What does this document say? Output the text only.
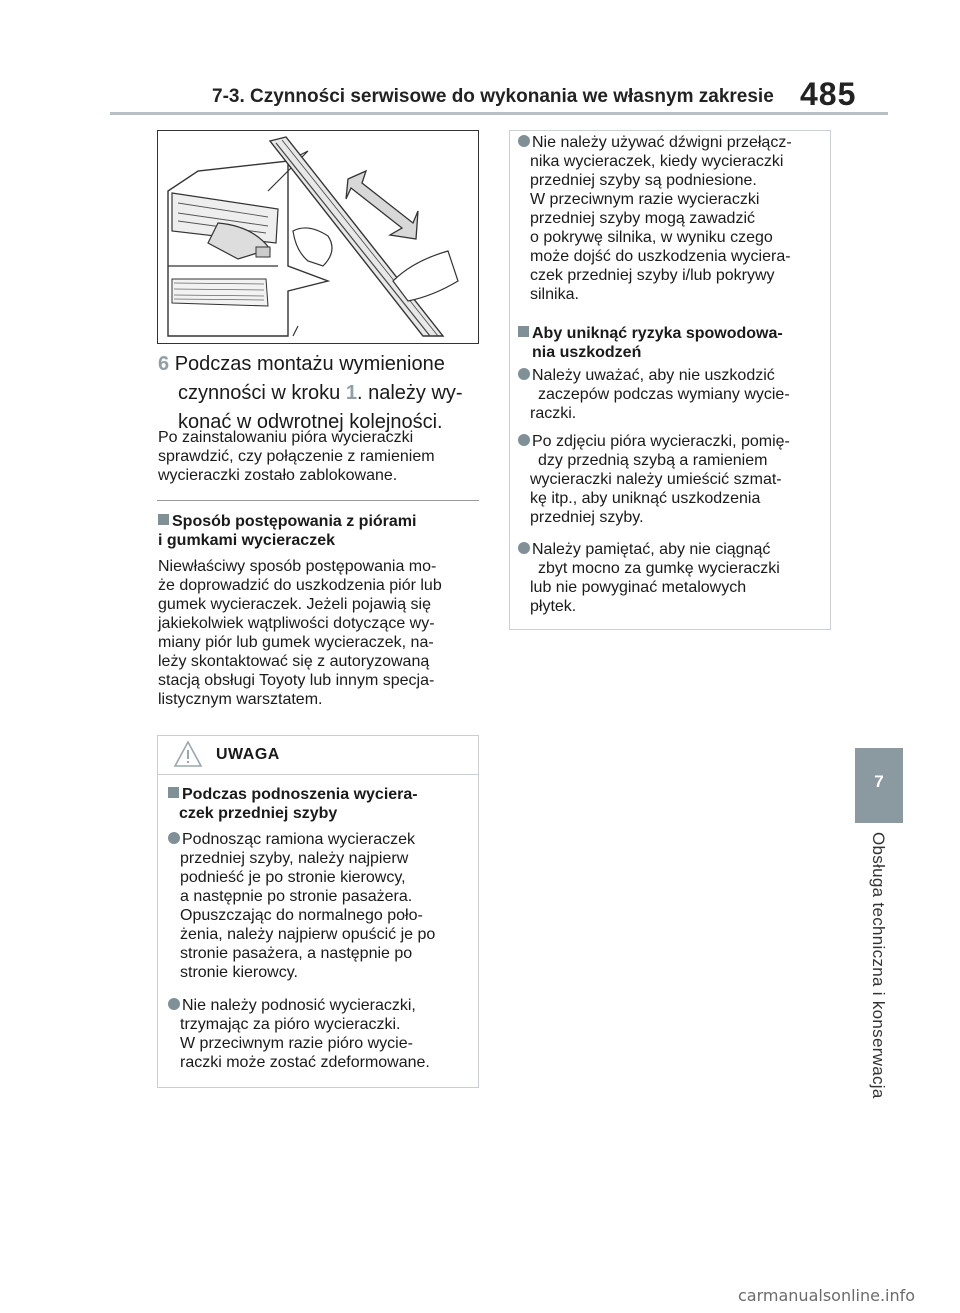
7-3. Czynności serwisowe do wykonania we własnym zakresie 485
6 Podczas montażu wymienione
czynności w kroku 1. należy wy-
konać w odwrotnej kolejności.
Po zainstalowaniu pióra wycieraczki
sprawdzić, czy połączenie z ramieniem
wycieraczki zostało zablokowane.
Sposób postępowania z piórami
i gumkami wycieraczek
Niewłaściwy sposób postępowania mo-
że doprowadzić do uszkodzenia piór lub
gumek wycieraczek. Jeżeli pojawią się
jakiekolwiek wątpliwości dotyczące wy-
miany piór lub gumek wycieraczek, na-
leży skontaktować się z autoryzowaną
stacją obsługi Toyoty lub innym specja-
listycznym warsztatem.
UWAGA
Podczas podnoszenia wyciera-
czek przedniej szyby
Podnosząc ramiona wycieraczek
przedniej szyby, należy najpierw
podnieść je po stronie kierowcy,
a następnie po stronie pasażera.
Opuszczając do normalnego poło-
żenia, należy najpierw opuścić je po
stronie pasażera, a następnie po
stronie kierowcy.
Nie należy podnosić wycieraczki,
trzymając za pióro wycieraczki.
W przeciwnym razie pióro wycie-
raczki może zostać zdeformowane.
Nie należy używać dźwigni przełącz-
nika wycieraczek, kiedy wycieraczki
przedniej szyby są podniesione.
W przeciwnym razie wycieraczki
przedniej szyby mogą zawadzić
o pokrywę silnika, w wyniku czego
może dojść do uszkodzenia wyciera-
czek przedniej szyby i/lub pokrywy
silnika.
Aby uniknąć ryzyka spowodowa-
nia uszkodzeń
Należy uważać, aby nie uszkodzić
zaczepów podczas wymiany wycie-
raczki.
Po zdjęciu pióra wycieraczki, pomię-
dzy przednią szybą a ramieniem
wycieraczki należy umieścić szmat-
kę itp., aby uniknąć uszkodzenia
przedniej szyby.
Należy pamiętać, aby nie ciągnąć
zbyt mocno za gumkę wycieraczki
lub nie powyginać metalowych
płytek.
7
Obsługa techniczna i konserwacja
carmanualsonline.info
